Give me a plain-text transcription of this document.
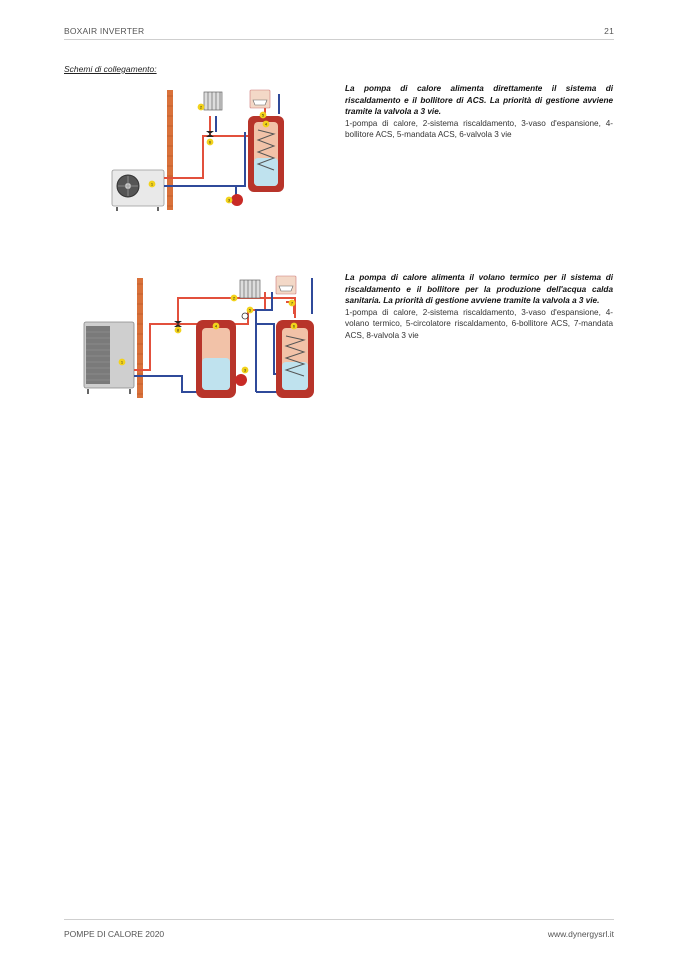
BOXAIR INVERTER	21
Schemi di collegamento:
1
2
3
4
5
6
La pompa di calore alimenta direttamente il sistema di riscaldamento e il bollitore di ACS. La priorità di gestione avviene tramite la valvola a 3 vie.
1-pompa di calore, 2-sistema riscaldamento, 3-vaso d'espansione, 4-bollitore ACS, 5-mandata ACS, 6-valvola 3 vie
1
2
3
4
5
6
7
8
La pompa di calore alimenta il volano termico per il sistema di riscaldamento e il bollitore per la produzione dell'acqua calda sanitaria. La priorità di gestione avviene tramite la valvola a 3 vie.
1-pompa di calore, 2-sistema riscaldamento, 3-vaso d'espansione, 4-volano termico, 5-circolatore riscaldamento, 6-bollitore ACS, 7-mandata ACS, 8-valvola 3 vie
POMPE DI CALORE 2020	www.dynergysrl.it
